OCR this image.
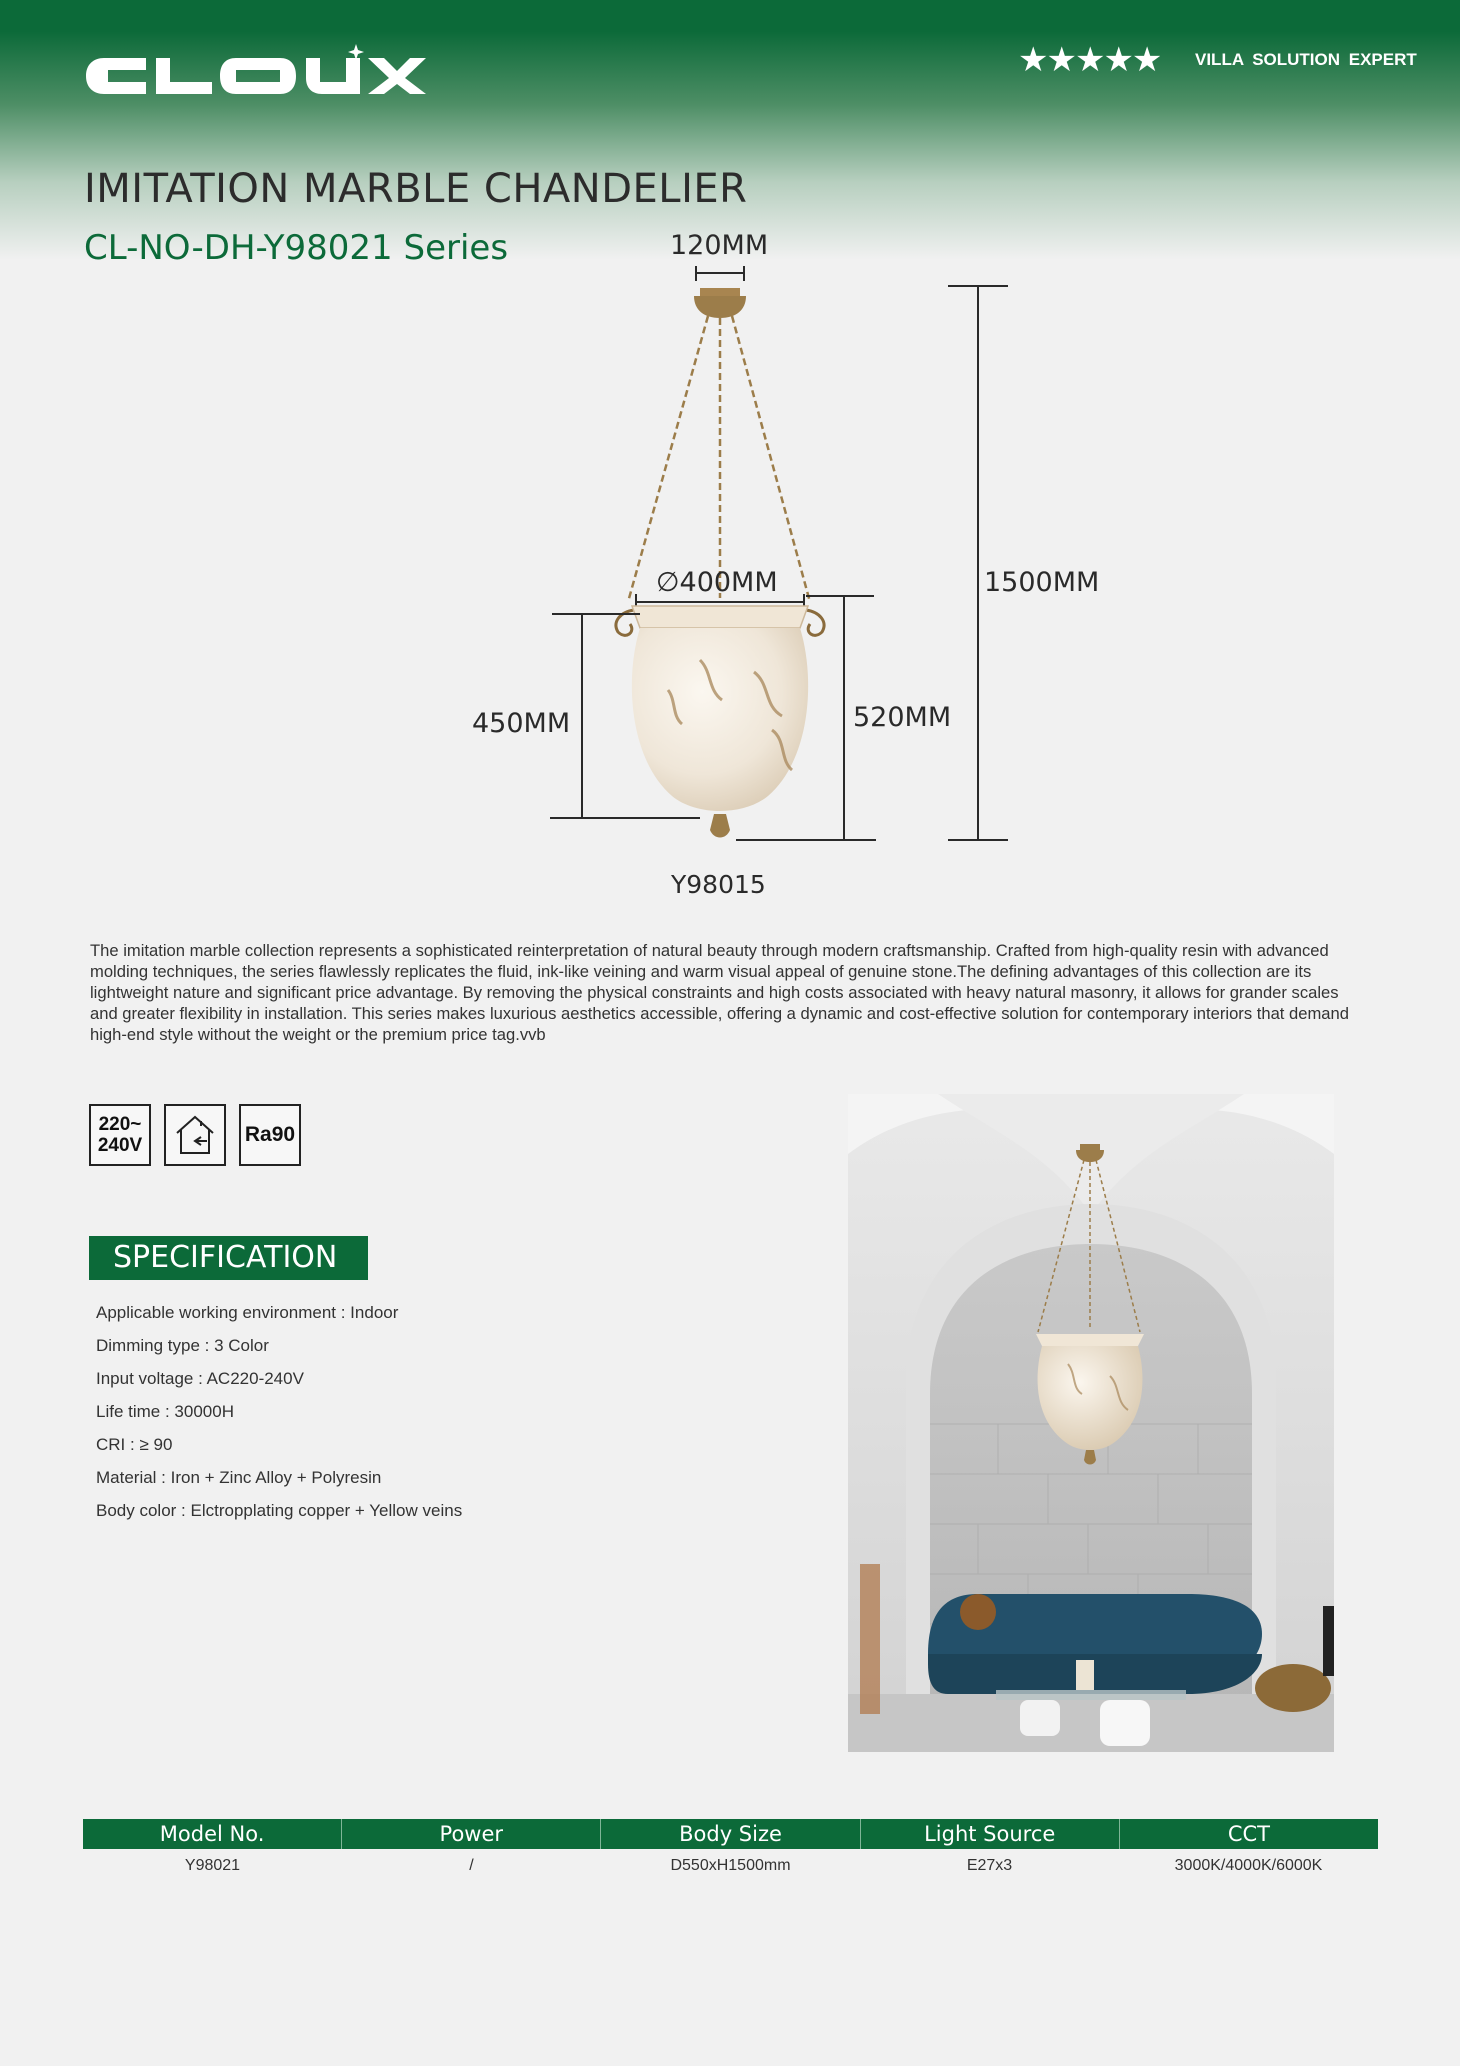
★★★★★ VILLA SOLUTION EXPERT
IMITATION MARBLE CHANDELIER
CL-NO-DH-Y98021 Series	120MM
∅400MM	1500MM
450MM	520MM
Y98015

The imitation marble collection represents a sophisticated reinterpretation of natural beauty through modern craftsmanship. Crafted from high-quality resin with advanced molding techniques, the series flawlessly replicates the fluid, ink-like veining and warm visual appeal of genuine stone.The defining advantages of this collection are its lightweight nature and significant price advantage. By removing the physical constraints and high costs associated with heavy natural masonry, it allows for grander scales and greater flexibility in installation. This series makes luxurious aesthetics accessible, offering a dynamic and cost-effective solution for contemporary interiors that demand high-end style without the weight or the premium price tag.vvb

220~
240V	Ra90
SPECIFICATION
Applicable working environment : Indoor
Dimming type : 3 Color
Input voltage : AC220-240V
Life time : 30000H
CRI : ≥ 90
Material : Iron + Zinc Alloy + Polyresin
Body color : Elctropplating copper + Yellow veins
Model No.	Power	Body Size	Light Source	CCT
Y98021	/	D550xH1500mm	E27x3	3000K/4000K/6000K
